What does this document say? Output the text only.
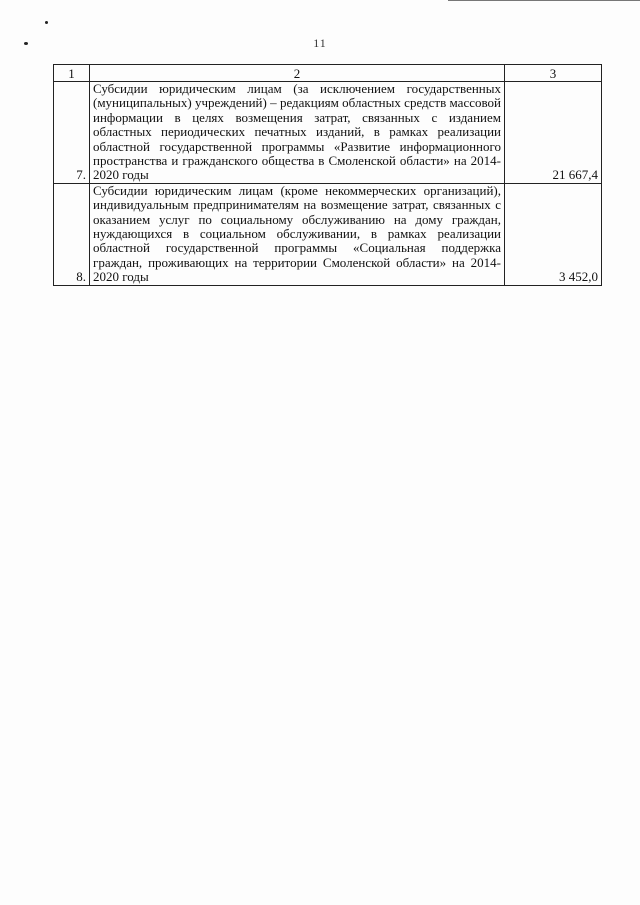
11
1	2	3
7.	Субсидии юридическим лицам (за исключением государственных (муниципальных) учреждений) – редакциям областных средств массовой информации в целях возмещения затрат, связанных с изданием областных периодических печатных изданий, в рамках реализации областной государственной программы «Развитие информационного пространства и гражданского общества в Смоленской области» на 2014-2020 годы	21 667,4
8.	Субсидии юридическим лицам (кроме некоммерческих организаций), индивидуальным предпринимателям на возмещение затрат, связанных с оказанием услуг по социальному обслуживанию на дому граждан, нуждающихся в социальном обслуживании, в рамках реализации областной государственной программы «Социальная поддержка граждан, проживающих на территории Смоленской области» на 2014-2020 годы	3 452,0
